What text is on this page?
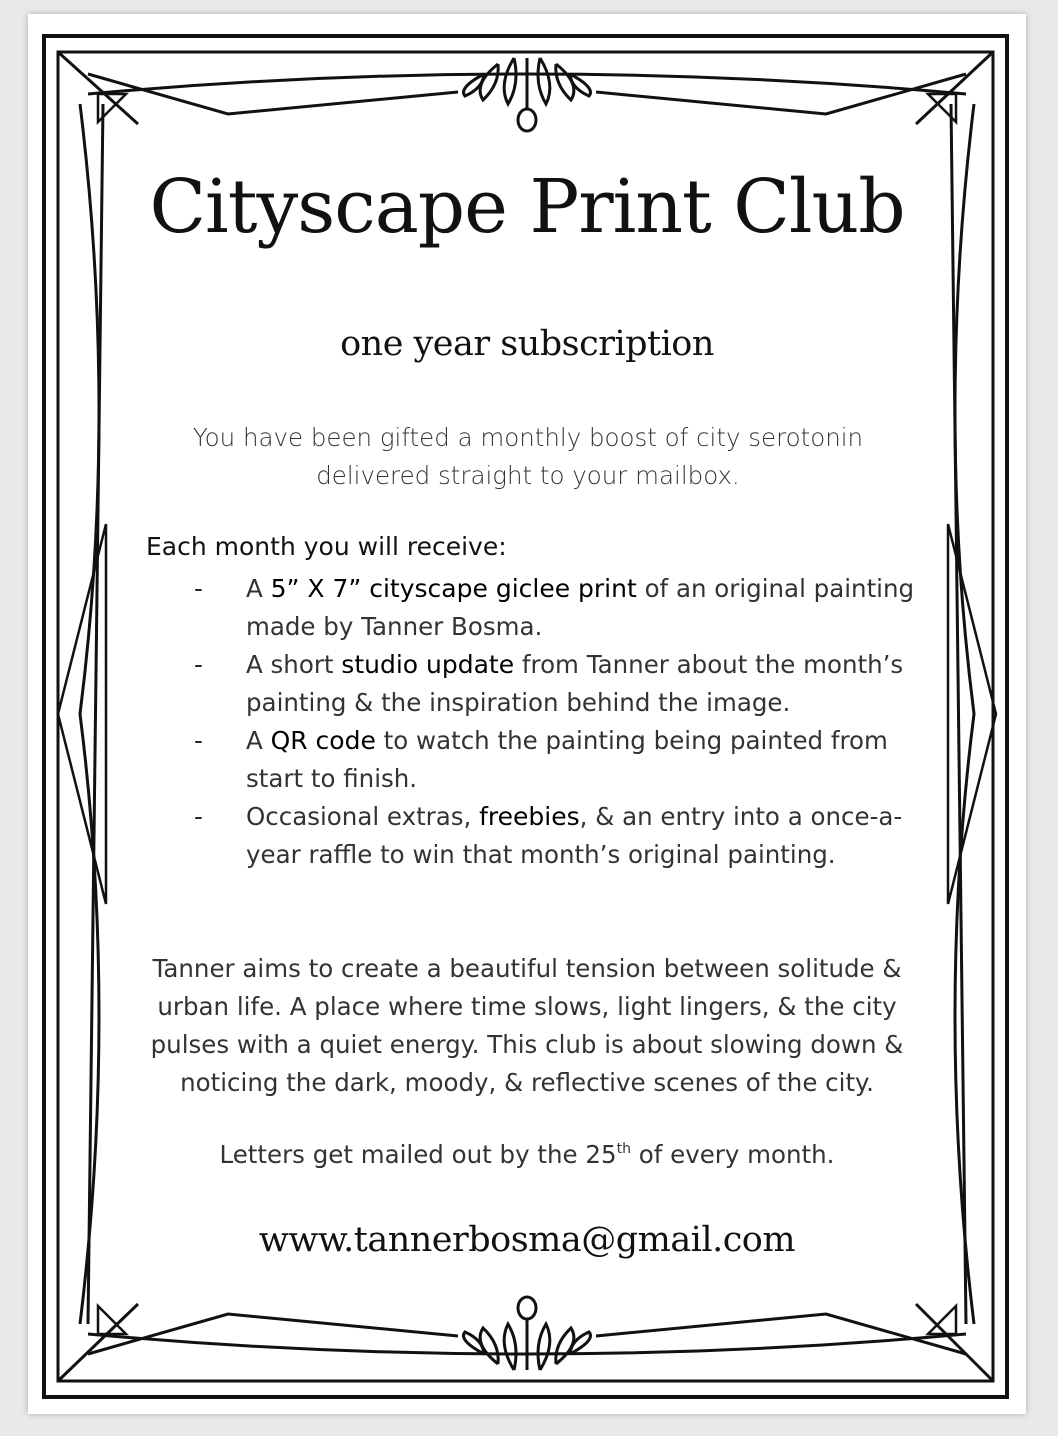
Cityscape Print Club
one year subscription
You have been gifted a monthly boost of city serotonin
delivered straight to your mailbox.
Each month you will receive:
- A 5” X 7” cityscape giclee print of an original painting made by Tanner Bosma.
- A short studio update from Tanner about the month’s painting & the inspiration behind the image.
- A QR code to watch the painting being painted from start to finish.
- Occasional extras, freebies, & an entry into a once-a-year raffle to win that month’s original painting.
Tanner aims to create a beautiful tension between solitude &
urban life. A place where time slows, light lingers, & the city
pulses with a quiet energy. This club is about slowing down &
noticing the dark, moody, & reflective scenes of the city.
Letters get mailed out by the 25th of every month.
www.tannerbosma@gmail.com
